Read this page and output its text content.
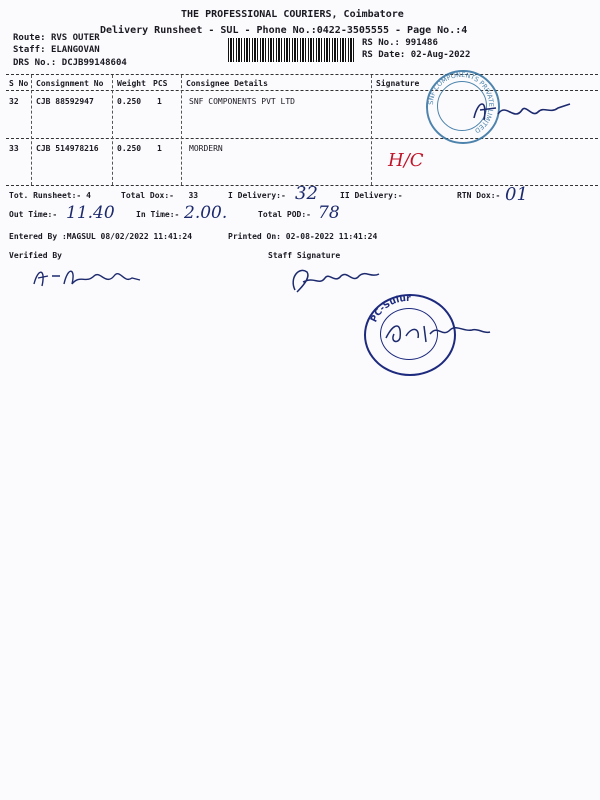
THE PROFESSIONAL COURIERS, Coimbatore
Delivery Runsheet - SUL - Phone No.:0422-3505555 - Page No.:4
Route: RVS OUTER
Staff: ELANGOVAN
DRS No.: DCJB99148604
RS No.: 991486
RS Date: 02-Aug-2022
S No Consignment No Weight PCS Consignee Details	Signature
32 CJB 88592947	0.250 1	SNF COMPONENTS PVT LTD
33 CJB 514978216 0.250 1	MORDERN
H/C
SNF COMPONENTS PRIVATE LIMITED
Tot. Runsheet:- 4	Total Dox:- 33	I Delivery:- 32	II Delivery:-	RTN Dox:- 01
Out Time:- 11.40	In Time:- 2.00.	Total POD:- 78
Entered By :MAGSUL 08/02/2022 11:41:24	Printed On: 02-08-2022 11:41:24
Verified By	Staff Signature
PC-Sulur
